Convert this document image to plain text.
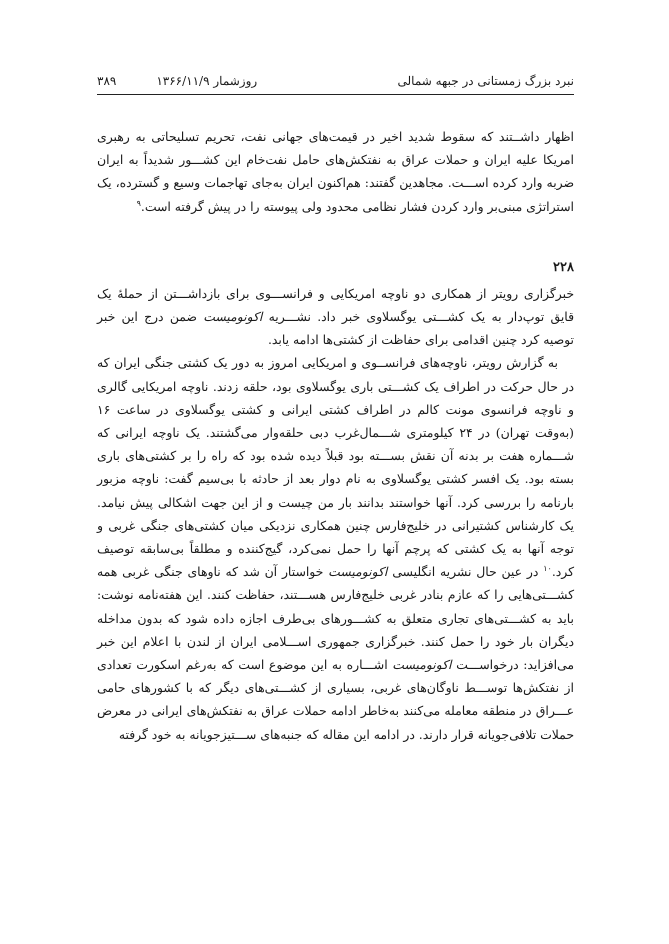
نبرد بزرگ زمستانی در جبهه شمالی
روزشمار ۱۳۶۶/۱۱/۹
۳۸۹

اظهار داشــتند که سقوط شدید اخیر در قیمت‌های جهانی نفت، تحریم تسلیحاتی به رهبری امریکا علیه ایران و حملات عراق به نفتکش‌های حامل نفت‌خام این کشـــور شدیداً به ایران ضربه وارد کرده اســـت. مجاهدین گفتند: هم‌اکنون ایران به‌جای تهاجمات وسیع و گسترده، یک استراتژی مبنی‌بر وارد کردن فشار نظامی محدود ولی پیوسته را در پیش گرفته است.$^۹$

۲۲۸

خبرگزاری رویتر از همکاری دو ناوچه امریکایی و فرانســـوی برای بازداشـــتن از حملهٔ یک قایق توپ‌دار به یک کشـــتی یوگسلاوی خبر داد. نشـــریه اکونومیست ضمن درج این خبر توصیه کرد چنین اقدامی برای حفاظت از کشتی‌ها ادامه یابد.

به گزارش رویتر، ناوچه‌های فرانســوی و امریکایی امروز به دور یک کشتی جنگی ایران که در حال حرکت در اطراف یک کشـــتی باری یوگسلاوی بود، حلقه زدند. ناوچه امریکایی گالری و ناوچه فرانسوی مونت کالم در اطراف کشتی ایرانی و کشتی یوگسلاوی در ساعت ۱۶ (به‌وقت تهران) در ۲۴ کیلومتری شـــمال‌غرب دبی حلقه‌وار می‌گشتند. یک ناوچه ایرانی که شـــماره هفت بر بدنه آن نقش بســـته بود قبلاً دیده شده بود که راه را بر کشتی‌های باری بسته بود. یک افسر کشتی یوگسلاوی به نام دوار بعد از حادثه با بی‌سیم گفت: ناوچه مزبور بارنامه را بررسی کرد. آنها خواستند بدانند بار من چیست و از این جهت اشکالی پیش نیامد. یک کارشناس کشتیرانی در خلیج‌فارس چنین همکاری نزدیکی میان کشتی‌های جنگی غربی و توجه آنها به یک کشتی که پرچم آنها را حمل نمی‌کرد، گیج‌کننده و مطلقاً بی‌سابقه توصیف کرد.$^{۱۰}$ در عین حال نشریه انگلیسی اکونومیست خواستار آن شد که ناوهای جنگی غربی همه کشـــتی‌هایی را که عازم بنادر غربی خلیج‌فارس هســـتند، حفاظت کنند. این هفته‌نامه نوشت: باید به کشـــتی‌های تجاری متعلق به کشـــورهای بی‌طرف اجازه داده شود که بدون مداخله دیگران بار خود را حمل کنند. خبرگزاری جمهوری اســـلامی ایران از لندن با اعلام این خبر می‌افزاید: درخواســـت اکونومیست اشـــاره به این موضوع است که به‌رغم اسکورت تعدادی از نفتکش‌ها توســـط ناوگان‌های غربی، بسیاری از کشـــتی‌های دیگر که با کشورهای حامی عـــراق در منطقه معامله می‌کنند به‌خاطر ادامه حملات عراق به نفتکش‌های ایرانی در معرض حملات تلافی‌جویانه قرار دارند. در ادامه این مقاله که جنبه‌های ســـتیزجویانه به خود گرفته
